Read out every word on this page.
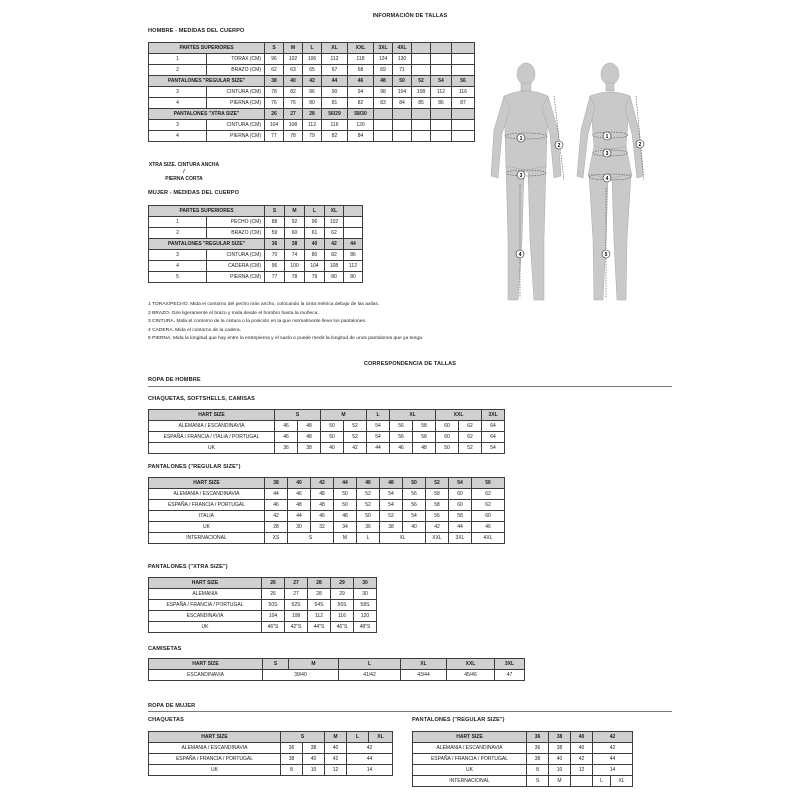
INFORMACIÓN DE TALLAS
HOMBRE - MEDIDAS DEL CUERPO
PARTES SUPERIORES		S	M	L	XL	XXL	3XL	4XL			
1	TORAX (CM)	96	102	106	112	118	124	130			
2	BRAZO (CM)	62	63	65	67	68	69	71			
PANTALONES "REGULAR SIZE"		38	40	42	44	46	48	50	52	54	56
3	CINTURA (CM)	78	82	86	90	94	98	104	108	112	116
4	PIERNA (CM)	76	76	80	81	82	83	84	85	86	87
PANTALONES "XTRA SIZE"		26	27	28	56/29	58/30					
3	CINTURA (CM)	104	108	112	116	120					
4	PIERNA (CM)	77	78	79	82	84					
XTRA SIZE. CINTURA ANCHA /
PIERNA CORTA
MUJER - MEDIDAS DEL CUERPO
PARTES SUPERIORES		S	M	L	XL	
1	PECHO (CM)	88	92	96	102	
2	BRAZO (CM)	59	60	61	62	
PANTALONES "REGULAR SIZE"		36	38	40	42	44
3	CINTURA (CM)	70	74	80	82	86
4	CADERA (CM)	96	100	104	108	112
5	PIERNA (CM)	77	78	79	80	80
1 TORAX/PECHO. Mida el contorno del pecho más ancho, colocando la cinta métrica debajo de las axilas.
2 BRAZO. Gire ligeramente el brazo y mida desde el hombro hasta la muñeca.
3 CINTURA. Mida el contorno de la cintura o la posición en la que normalmente lleve los pantalones.
4 CADERA. Mida el contorno de la cadera.
5 PIERNA. Mida la longitud que hay entre la entrepierna y el suelo o puede medir la longitud de unos pantalones que ya tenga.
1
2
3
4
1
2
3
4
5
CORRESPONDENCIA DE TALLAS
ROPA DE HOMBRE
CHAQUETAS, SOFTSHELLS, CAMISAS
HART SIZE	S		M		L	XL		XXL		3XL
ALEMANIA / ESCANDINAVIA	46	48	50	52	54	56	58	60	62	64
ESPAÑA / FRANCIA / ITALIA / PORTUGAL	46	48	50	52	54	56	58	60	62	64
UK	36	38	40	42	44	46	48	50	52	54
PANTALONES ("REGULAR SIZE")
HART SIZE	38	40	42	44	46	48	50	52	54	56
ALEMANIA / ESCANDINAVIA	44	46	48	50	52	54	56	58	60	62
ESPAÑA / FRANCIA / PORTUGAL	46	48	48	50	52	54	56	58	60	62
ITALIA	42	44	46	48	50	52	54	56	58	60
UK	28	30	32	34	36	38	40	42	44	46
INTERNACIONAL	XS	S		M	L	XL		XXL	3XL	4XL
PANTALONES ("XTRA SIZE")
HART SIZE	26	27	28	29	30
ALEMANIA	26	27	28	29	30
ESPAÑA / FRANCIA / PORTUGAL	50S	52S	54S	56S	58S
ESCANDINAVIA	104	108	112	116	120
UK	46"S	42"S	44"S	46"S	48"S
CAMISETAS
HART SIZE	S	M	L	XL	XXL	3XL
ESCANDINAVIA	39/40		41/42	43/44	45/46	47
ROPA DE MUJER
CHAQUETAS
HART SIZE	S		M	L	XL
ALEMANIA / ESCANDINAVIA	36	38	40	42	
ESPAÑA / FRANCIA / PORTUGAL	38	40	42	44	
UK	8	10	12	14	
PANTALONES ("REGULAR SIZE")
HART SIZE	36	38	40	42	
ALEMANIA / ESCANDINAVIA	36	38	40	42	
ESPAÑA / FRANCIA / PORTUGAL	38	40	42	44	
UK	8	10	12	14	
INTERNACIONAL	S	M		L	XL
